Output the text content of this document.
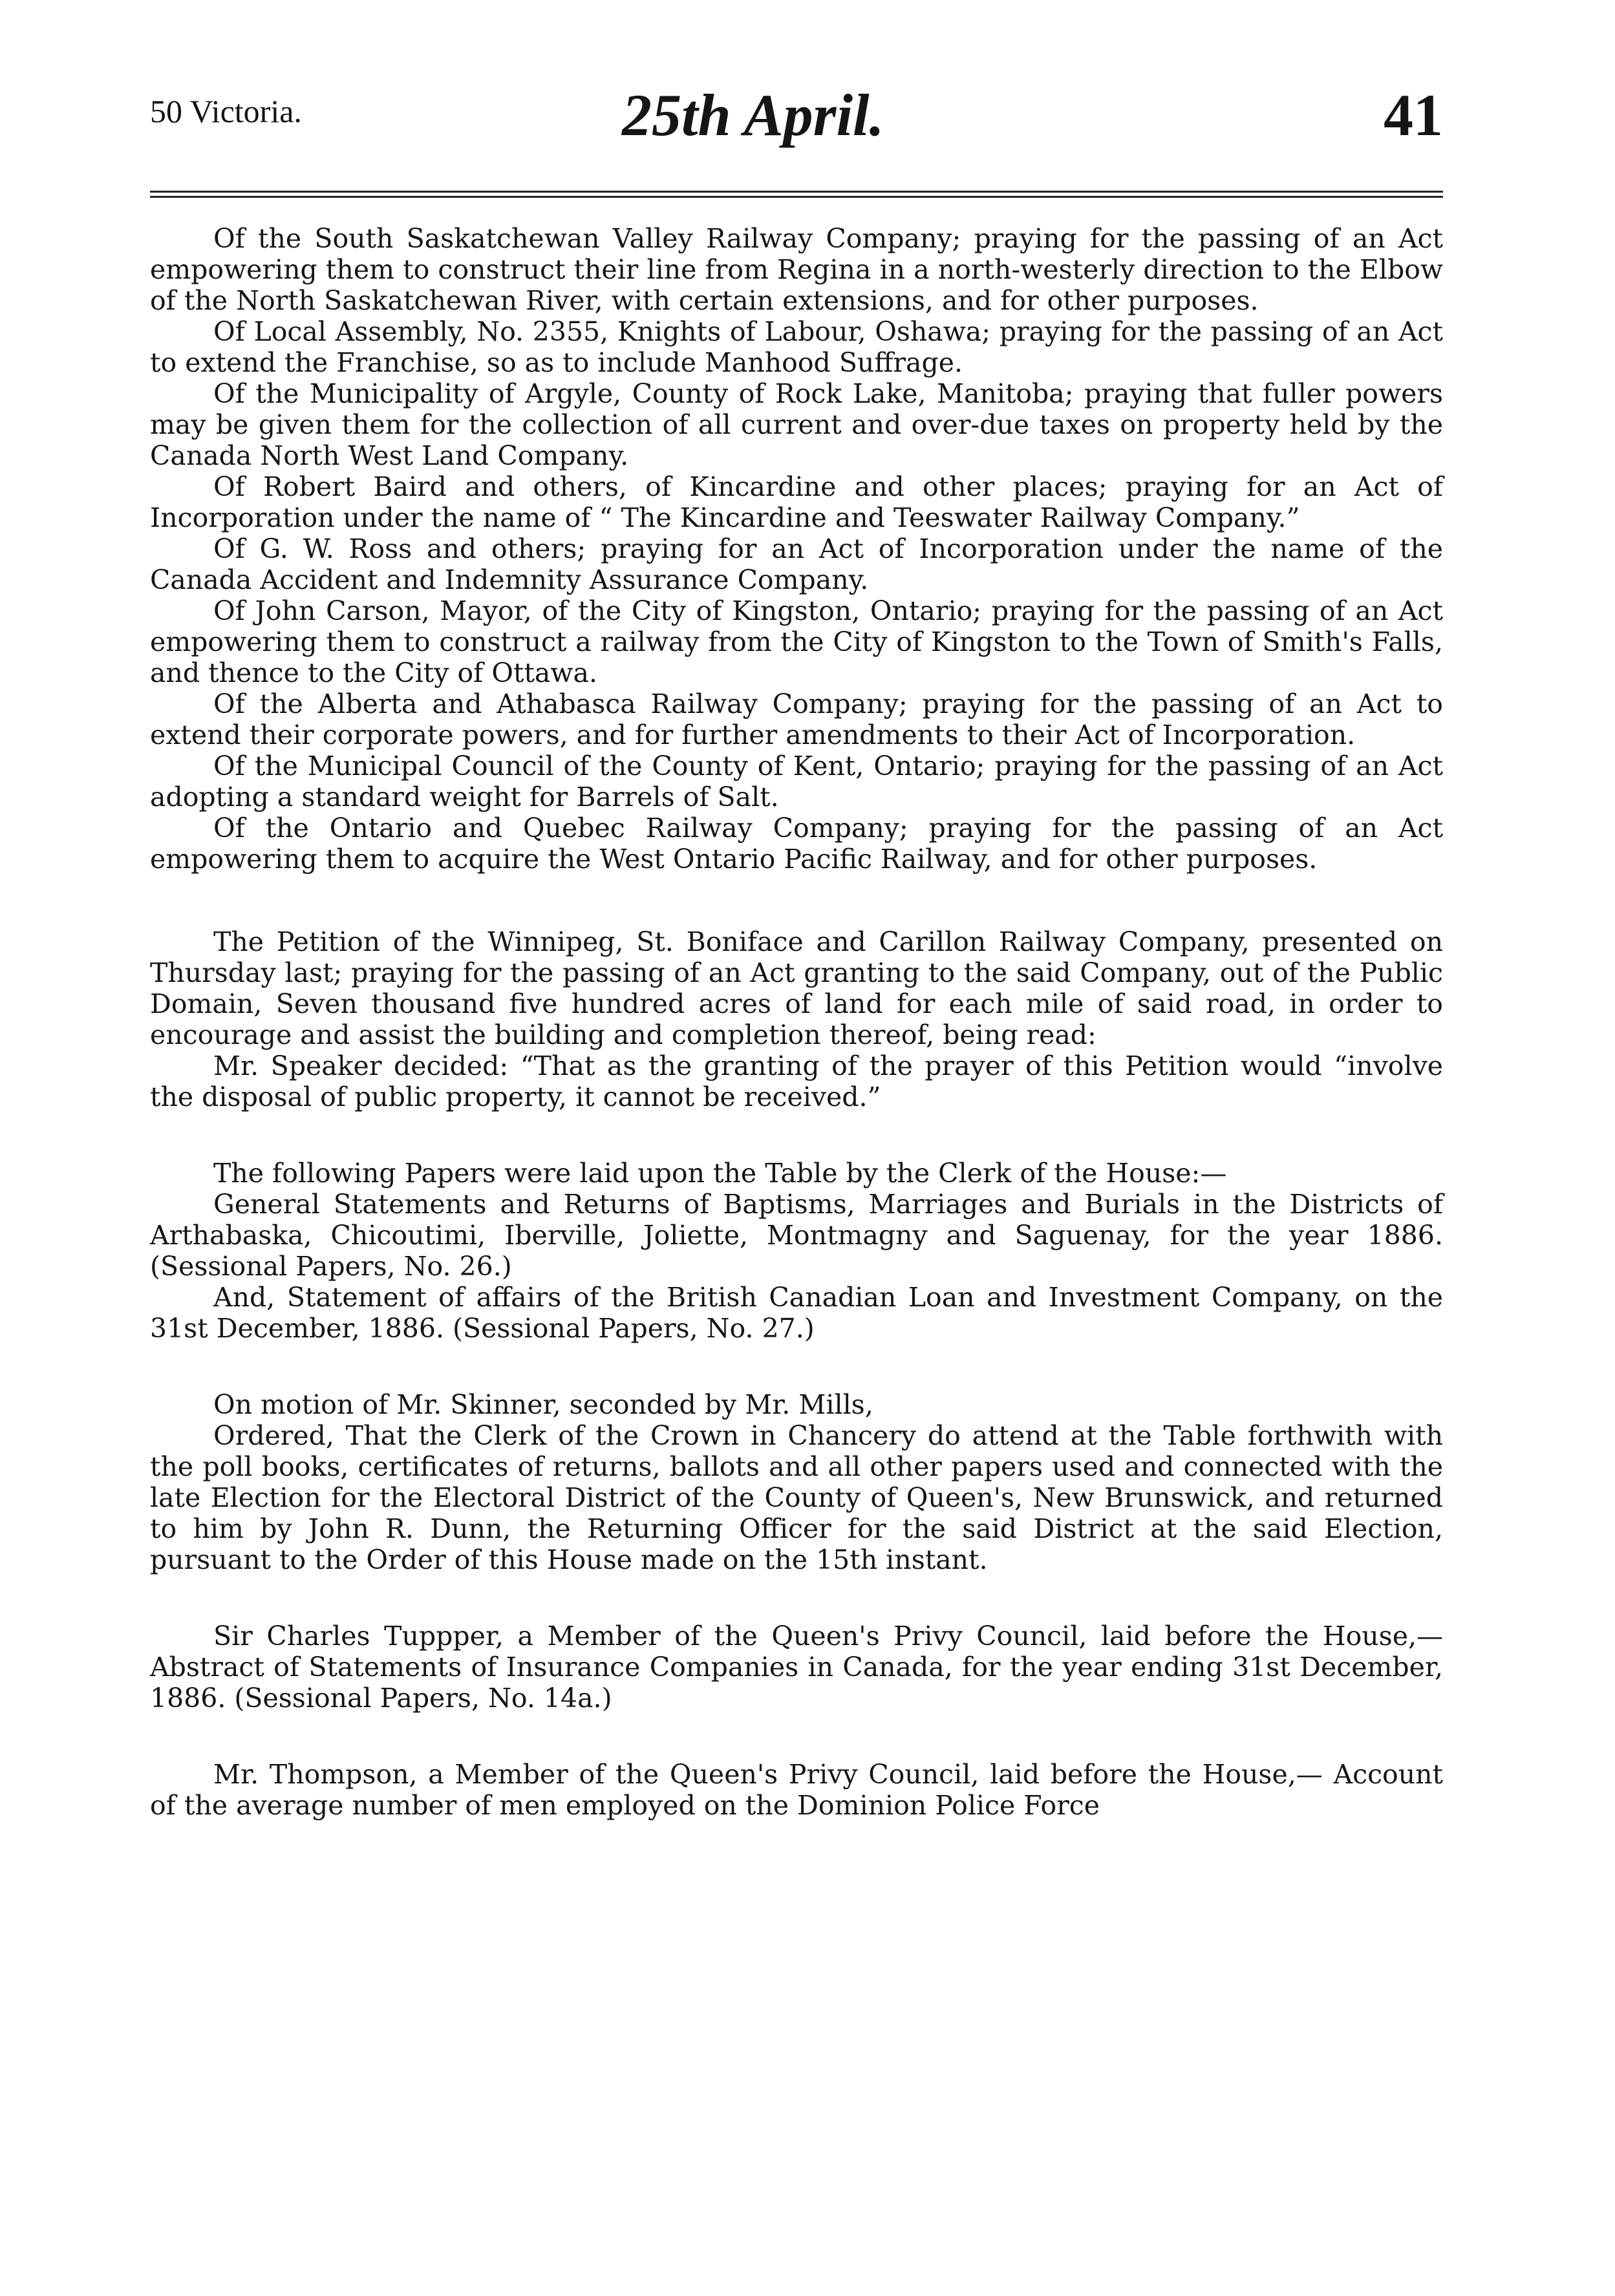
50 Victoria.	25th April.	41

Of the South Saskatchewan Valley Railway Company; praying for the passing of an Act empowering them to construct their line from Regina in a north-westerly direction to the Elbow of the North Saskatchewan River, with certain extensions, and for other purposes.

Of Local Assembly, No. 2355, Knights of Labour, Oshawa; praying for the passing of an Act to extend the Franchise, so as to include Manhood Suffrage.

Of the Municipality of Argyle, County of Rock Lake, Manitoba; praying that fuller powers may be given them for the collection of all current and over-due taxes on property held by the Canada North West Land Company.

Of Robert Baird and others, of Kincardine and other places; praying for an Act of Incorporation under the name of “ The Kincardine and Teeswater Railway Company.”

Of G. W. Ross and others; praying for an Act of Incorporation under the name of the Canada Accident and Indemnity Assurance Company.

Of John Carson, Mayor, of the City of Kingston, Ontario; praying for the passing of an Act empowering them to construct a railway from the City of Kingston to the Town of Smith's Falls, and thence to the City of Ottawa.

Of the Alberta and Athabasca Railway Company; praying for the passing of an Act to extend their corporate powers, and for further amendments to their Act of Incorporation.

Of the Municipal Council of the County of Kent, Ontario; praying for the passing of an Act adopting a standard weight for Barrels of Salt.

Of the Ontario and Quebec Railway Company; praying for the passing of an Act empowering them to acquire the West Ontario Pacific Railway, and for other purposes.

The Petition of the Winnipeg, St. Boniface and Carillon Railway Company, presented on Thursday last; praying for the passing of an Act granting to the said Company, out of the Public Domain, Seven thousand five hundred acres of land for each mile of said road, in order to encourage and assist the building and completion thereof, being read:

Mr. Speaker decided: “That as the granting of the prayer of this Petition would “involve the disposal of public property, it cannot be received.”

The following Papers were laid upon the Table by the Clerk of the House:—

General Statements and Returns of Baptisms, Marriages and Burials in the Districts of Arthabaska, Chicoutimi, Iberville, Joliette, Montmagny and Saguenay, for the year 1886. (Sessional Papers, No. 26.)

And, Statement of affairs of the British Canadian Loan and Investment Company, on the 31st December, 1886. (Sessional Papers, No. 27.)

On motion of Mr. Skinner, seconded by Mr. Mills,

Ordered, That the Clerk of the Crown in Chancery do attend at the Table forthwith with the poll books, certificates of returns, ballots and all other papers used and connected with the late Election for the Electoral District of the County of Queen's, New Brunswick, and returned to him by John R. Dunn, the Returning Officer for the said District at the said Election, pursuant to the Order of this House made on the 15th instant.

Sir Charles Tuppper, a Member of the Queen's Privy Council, laid before the House,—Abstract of Statements of Insurance Companies in Canada, for the year ending 31st December, 1886. (Sessional Papers, No. 14a.)

Mr. Thompson, a Member of the Queen's Privy Council, laid before the House,— Account of the average number of men employed on the Dominion Police Force
